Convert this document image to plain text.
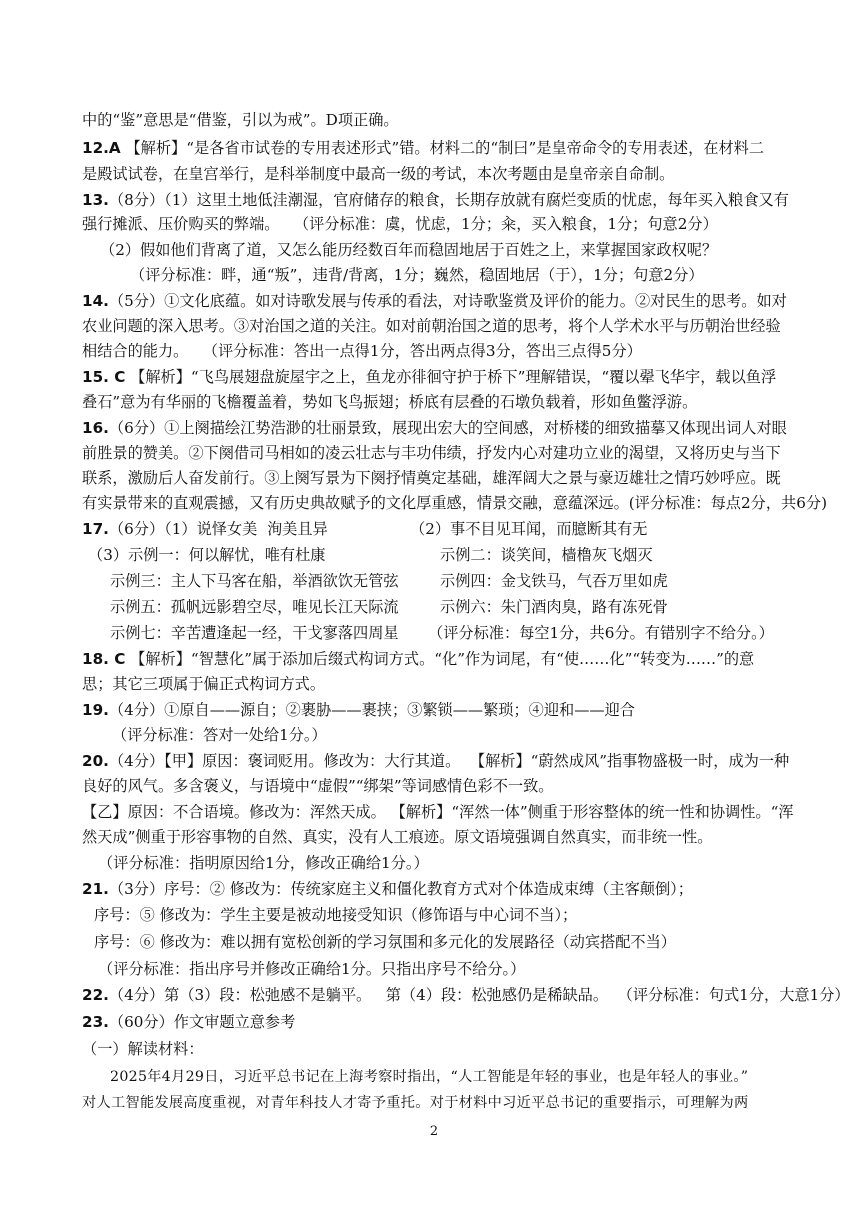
中的“鉴”意思是“借鉴，引以为戒”。D项正确。
12.A 【解析】“是各省市试卷的专用表述形式”错。材料二的“制曰”是皇帝命令的专用表述，在材料二
是殿试试卷，在皇宫举行，是科举制度中最高一级的考试，本次考题由是皇帝亲自命制。
13.（8分）（1）这里土地低洼潮湿，官府储存的粮食，长期存放就有腐烂变质的忧虑，每年买入粮食又有
强行摊派、压价购买的弊端。   （评分标准：虞，忧虑，1分；籴，买入粮食，1分；句意2分）
（2）假如他们背离了道，又怎么能历经数百年而稳固地居于百姓之上，来掌握国家政权呢？
（评分标准：畔，通“叛”，违背/背离，1分；巍然，稳固地居（于），1分；句意2分）
14.（5分）①文化底蕴。如对诗歌发展与传承的看法，对诗歌鉴赏及评价的能力。②对民生的思考。如对
农业问题的深入思考。③对治国之道的关注。如对前朝治国之道的思考，将个人学术水平与历朝治世经验
相结合的能力。   （评分标准：答出一点得1分，答出两点得3分，答出三点得5分）
15. C 【解析】“飞鸟展翅盘旋屋宇之上，鱼龙亦徘徊守护于桥下”理解错误，“覆以翚飞华宇，载以鱼浮
叠石”意为有华丽的飞檐覆盖着，势如飞鸟振翅；桥底有层叠的石墩负载着，形如鱼鳖浮游。
16.（6分）①上阕描绘江势浩渺的壮丽景致，展现出宏大的空间感，对桥楼的细致描摹又体现出词人对眼
前胜景的赞美。②下阕借司马相如的凌云壮志与丰功伟绩，抒发内心对建功立业的渴望，又将历史与当下
联系，激励后人奋发前行。③上阕写景为下阕抒情奠定基础，雄浑阔大之景与豪迈雄壮之情巧妙呼应。既
有实景带来的直观震撼，又有历史典故赋予的文化厚重感，情景交融，意蕴深远。(评分标准：每点2分，共6分)
17.（6分）（1）说怿女美  洵美且异	（2）事不目见耳闻，而臆断其有无
（3）示例一：何以解忧，唯有杜康	示例二：谈笑间，樯橹灰飞烟灭
示例三：主人下马客在船，举酒欲饮无管弦	示例四：金戈铁马，气吞万里如虎
示例五：孤帆远影碧空尽，唯见长江天际流	示例六：朱门酒肉臭，路有冻死骨
示例七：辛苦遭逢起一经，干戈寥落四周星 （评分标准：每空1分，共6分。有错别字不给分。）
18. C 【解析】“智慧化”属于添加后缀式构词方式。“化”作为词尾，有“使……化”“转变为……”的意
思；其它三项属于偏正式构词方式。
19.（4分）①原自——源自；②裹胁——裹挟；③繁锁——繁琐；④迎和——迎合
（评分标准：答对一处给1分。）
20.（4分）【甲】原因：褒词贬用。修改为：大行其道。  【解析】“蔚然成风”指事物盛极一时，成为一种
良好的风气。多含褒义，与语境中“虚假”“绑架”等词感情色彩不一致。
【乙】原因：不合语境。修改为：浑然天成。 【解析】“浑然一体”侧重于形容整体的统一性和协调性。“浑
然天成”侧重于形容事物的自然、真实，没有人工痕迹。原文语境强调自然真实，而非统一性。
（评分标准：指明原因给1分，修改正确给1分。）
21.（3分）序号：② 修改为：传统家庭主义和僵化教育方式对个体造成束缚（主客颠倒）；
序号：⑤ 修改为：学生主要是被动地接受知识（修饰语与中心词不当）；
序号：⑥ 修改为：难以拥有宽松创新的学习氛围和多元化的发展路径（动宾搭配不当）
（评分标准：指出序号并修改正确给1分。只指出序号不给分。）
22.（4分）第（3）段：松弛感不是躺平。   第（4）段：松弛感仍是稀缺品。  （评分标准：句式1分，大意1分）
23.（60分）作文审题立意参考
（一）解读材料：
2025年4月29日，习近平总书记在上海考察时指出，“人工智能是年轻的事业，也是年轻人的事业。”
对人工智能发展高度重视，对青年科技人才寄予重托。对于材料中习近平总书记的重要指示，可理解为两
2
